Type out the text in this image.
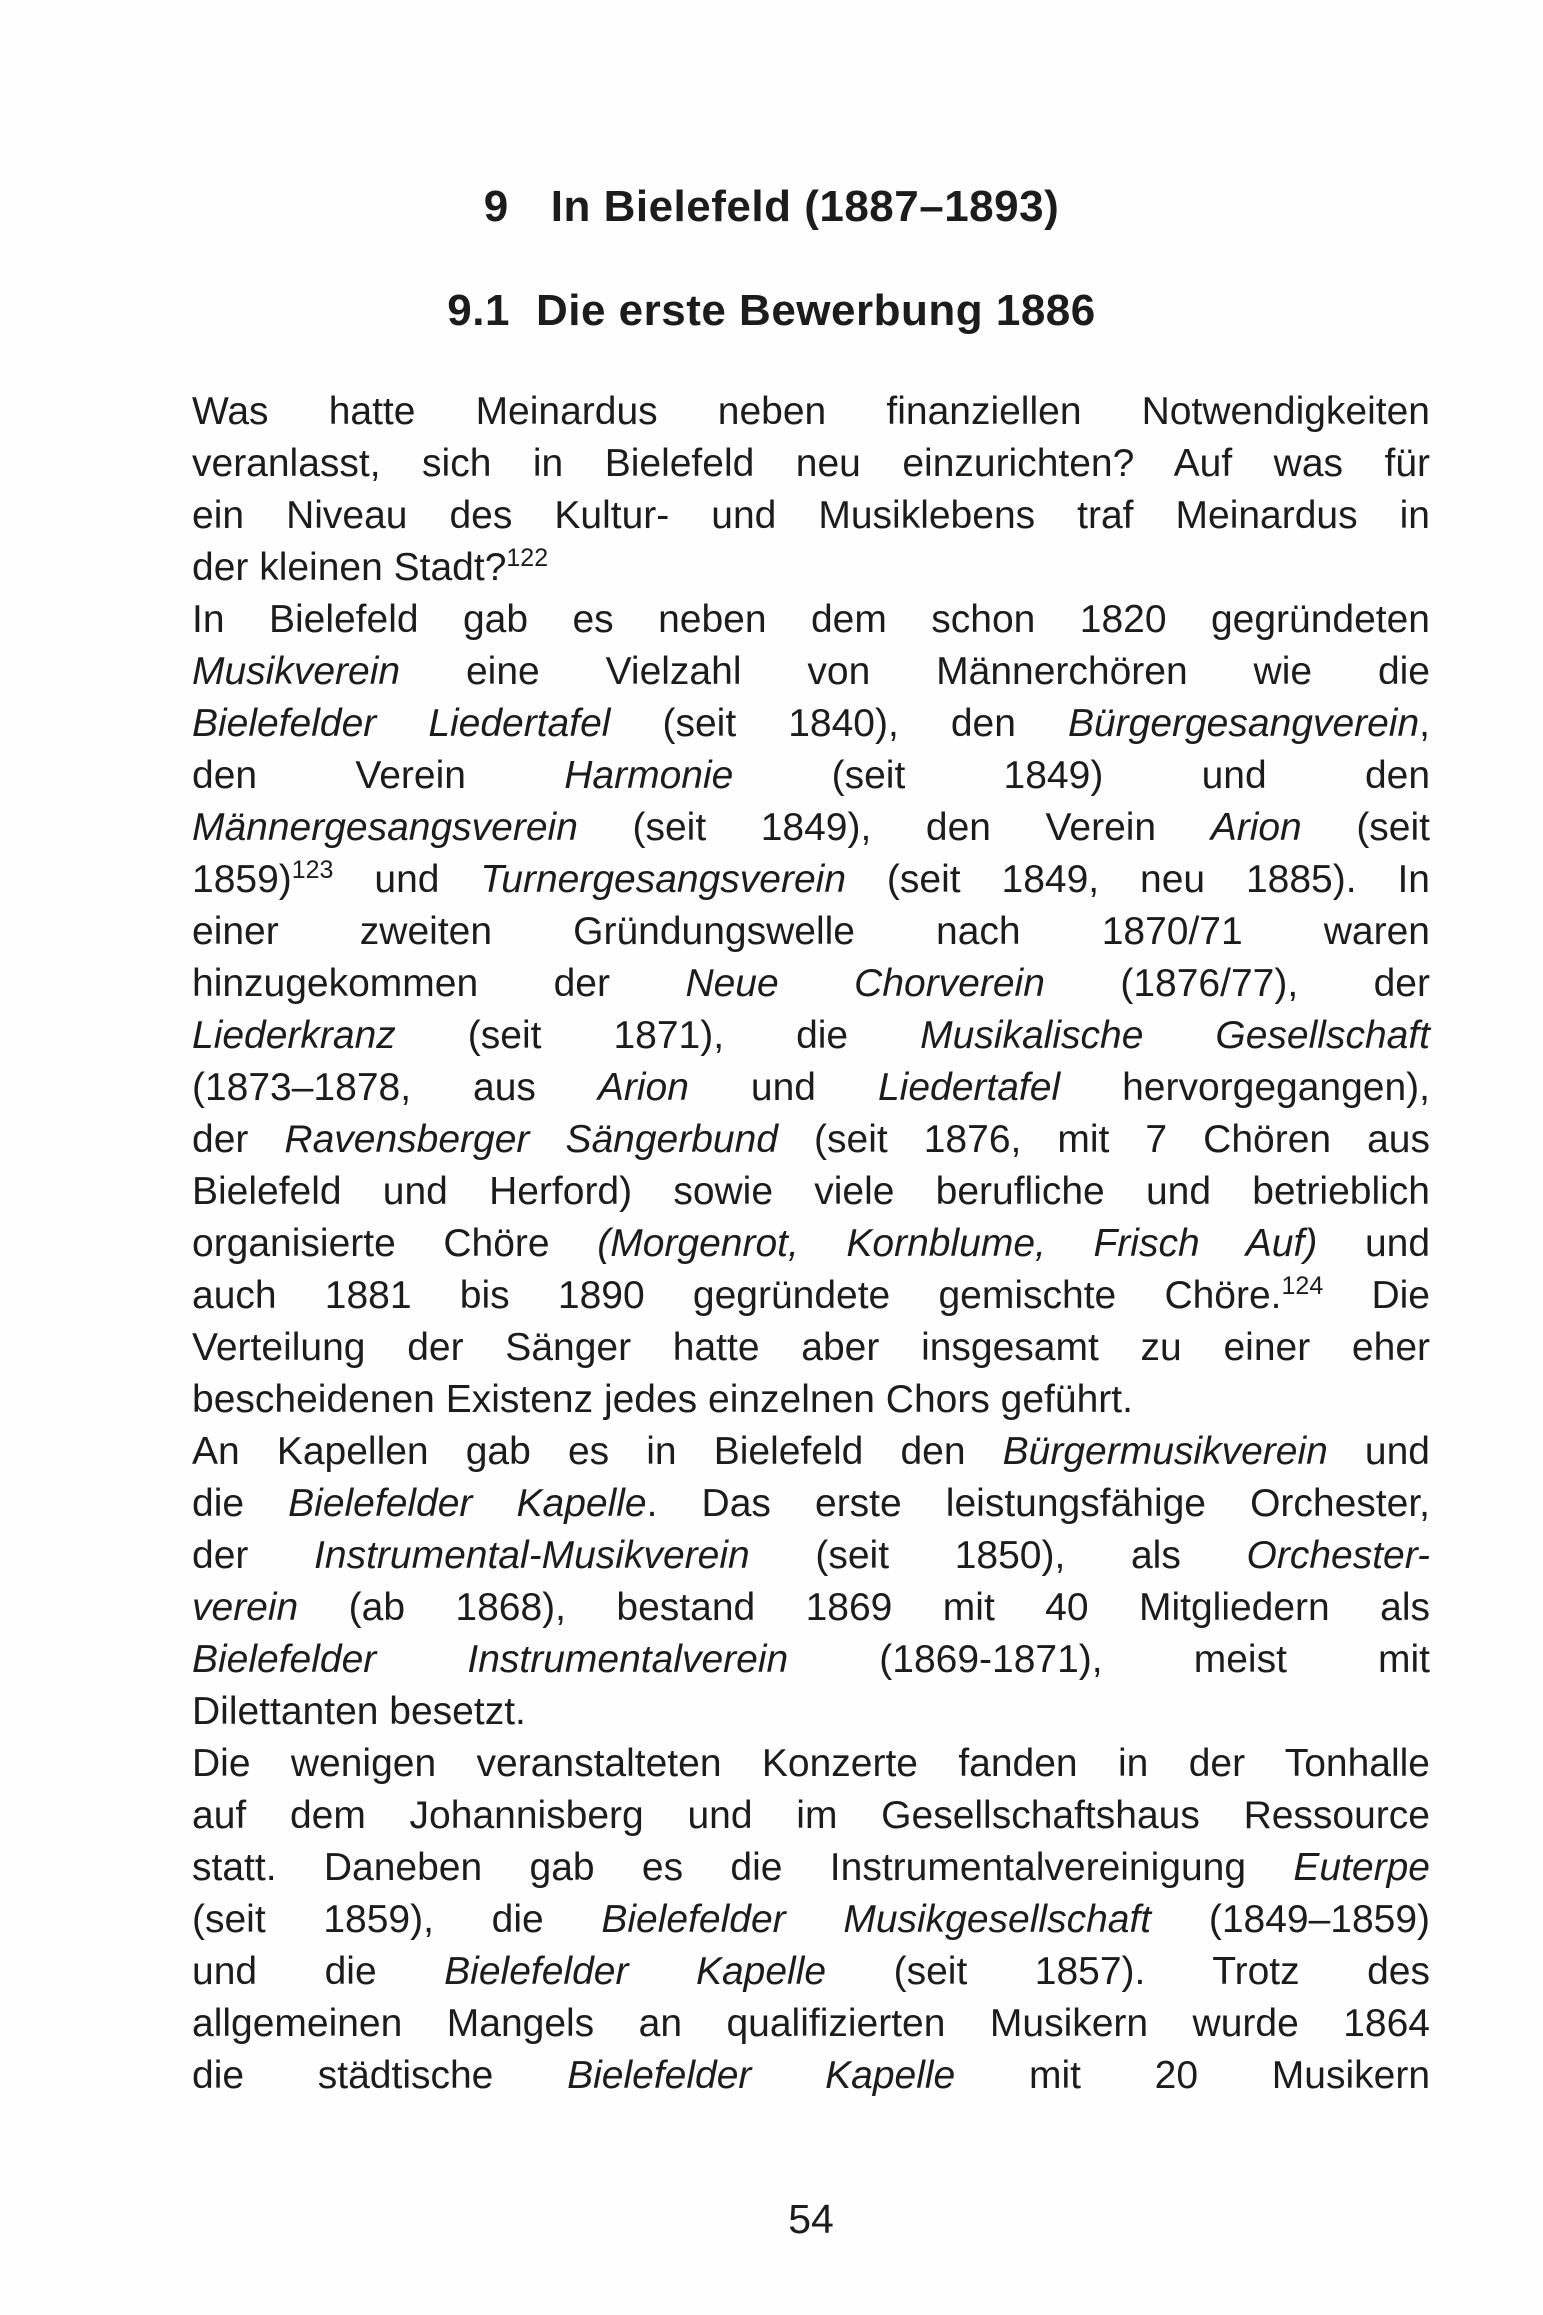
9 In Bielefeld (1887–1893)
9.1 Die erste Bewerbung 1886
Was hatte Meinardus neben finanziellen Notwendigkeiten
veranlasst, sich in Bielefeld neu einzurichten? Auf was für
ein Niveau des Kultur- und Musiklebens traf Meinardus in
der kleinen Stadt?$^{122}$
In Bielefeld gab es neben dem schon 1820 gegründeten
Musikverein eine Vielzahl von Männerchören wie die
Bielefelder Liedertafel (seit 1840), den Bürgergesangverein,
den Verein Harmonie (seit 1849) und den
Männergesangsverein (seit 1849), den Verein Arion (seit
1859)$^{123}$ und Turnergesangsverein (seit 1849, neu 1885). In
einer zweiten Gründungswelle nach 1870/71 waren
hinzugekommen der Neue Chorverein (1876/77), der
Liederkranz (seit 1871), die Musikalische Gesellschaft
(1873–1878, aus Arion und Liedertafel hervorgegangen),
der Ravensberger Sängerbund (seit 1876, mit 7 Chören aus
Bielefeld und Herford) sowie viele berufliche und betrieblich
organisierte Chöre (Morgenrot, Kornblume, Frisch Auf) und
auch 1881 bis 1890 gegründete gemischte Chöre.$^{124}$ Die
Verteilung der Sänger hatte aber insgesamt zu einer eher
bescheidenen Existenz jedes einzelnen Chors geführt.
An Kapellen gab es in Bielefeld den Bürgermusikverein und
die Bielefelder Kapelle. Das erste leistungsfähige Orchester,
der Instrumental-Musikverein (seit 1850), als Orchester-
verein (ab 1868), bestand 1869 mit 40 Mitgliedern als
Bielefelder Instrumentalverein (1869-1871), meist mit
Dilettanten besetzt.
Die wenigen veranstalteten Konzerte fanden in der Tonhalle
auf dem Johannisberg und im Gesellschaftshaus Ressource
statt. Daneben gab es die Instrumentalvereinigung Euterpe
(seit 1859), die Bielefelder Musikgesellschaft (1849–1859)
und die Bielefelder Kapelle (seit 1857). Trotz des
allgemeinen Mangels an qualifizierten Musikern wurde 1864
die städtische Bielefelder Kapelle mit 20 Musikern
54
